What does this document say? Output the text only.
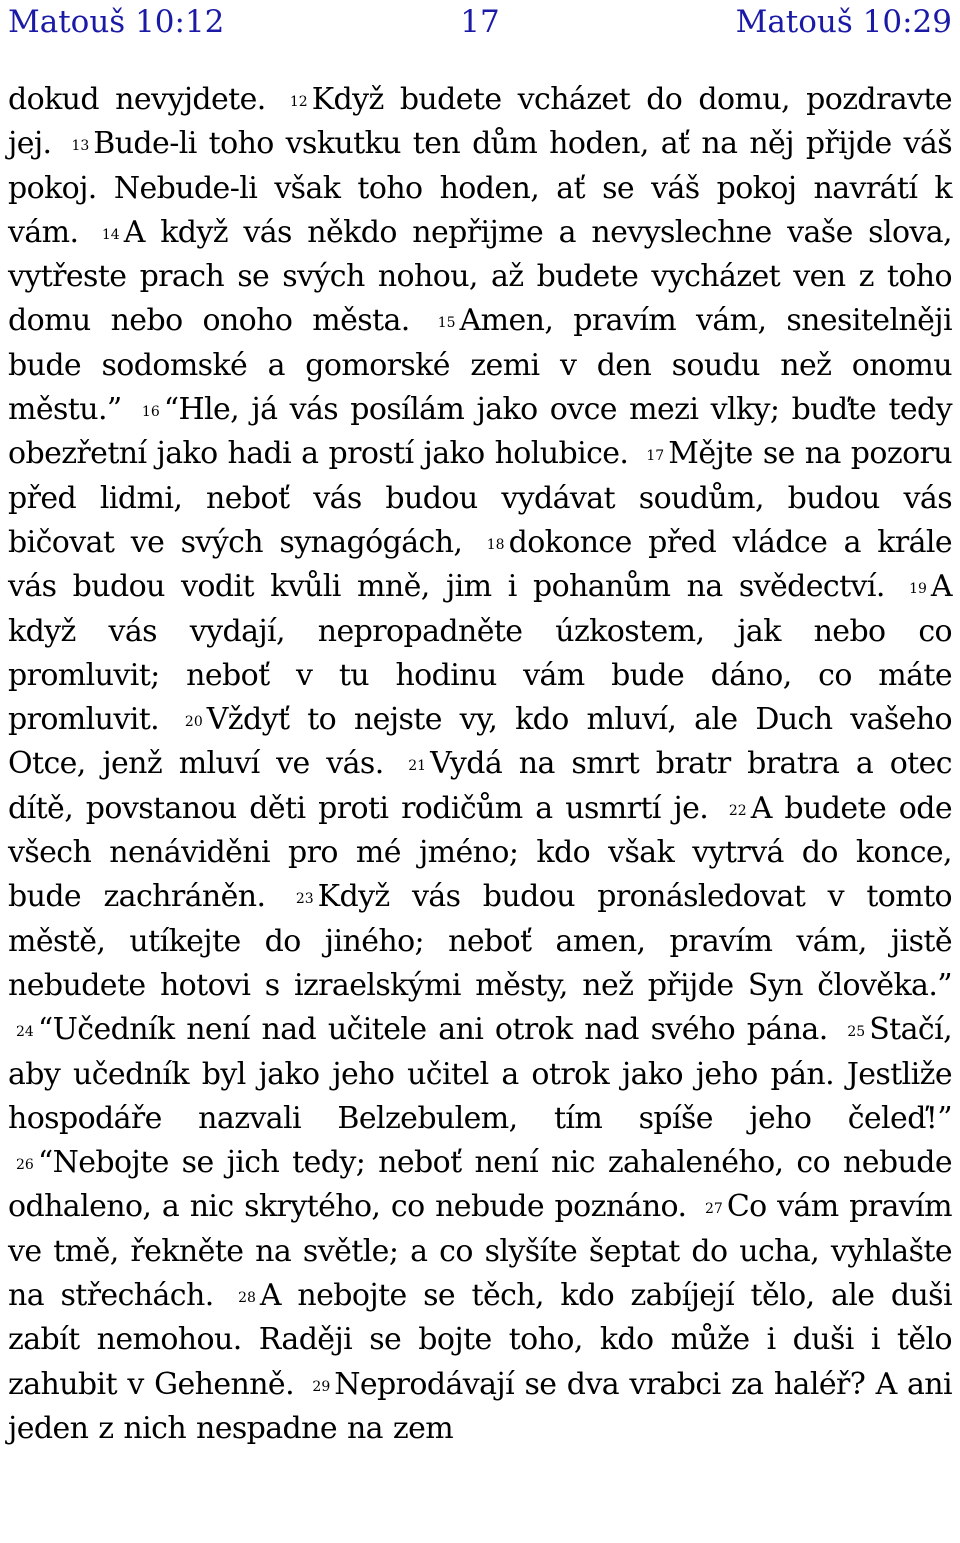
Matouš 10:12	17	Matouš 10:29
dokud nevyjdete. $^{12}$ Když budete vcházet do domu, pozdravte jej. $^{13}$ Bude-li toho vskutku ten dům hoden, ať na něj přijde váš pokoj. Nebude-li však toho hoden, ať se váš pokoj navrátí k vám. $^{14}$ A když vás někdo nepřijme a nevyslechne vaše slova, vytřeste prach se svých nohou, až budete vycházet ven z toho domu nebo onoho města. $^{15}$ Amen, pravím vám, snesitelněji bude sodomské a gomorské zemi v den soudu než onomu městu.” $^{16}$ “Hle, já vás posílám jako ovce mezi vlky; buďte tedy obezřetní jako hadi a prostí jako holubice. $^{17}$ Mějte se na pozoru před lidmi, neboť vás budou vydávat soudům, budou vás bičovat ve svých synagógách, $^{18}$ dokonce před vládce a krále vás budou vodit kvůli mně, jim i pohanům na svědectví. $^{19}$ A když vás vydají, nepropadněte úzkostem, jak nebo co promluvit; neboť v tu hodinu vám bude dáno, co máte promluvit. $^{20}$ Vždyť to nejste vy, kdo mluví, ale Duch vašeho Otce, jenž mluví ve vás. $^{21}$ Vydá na smrt bratr bratra a otec dítě, povstanou děti proti rodičům a usmrtí je. $^{22}$ A budete ode všech nenáviděni pro mé jméno; kdo však vytrvá do konce, bude zachráněn. $^{23}$ Když vás budou pronásledovat v tomto městě, utíkejte do jiného; neboť amen, pravím vám, jistě nebudete hotovi s izraelskými městy, než přijde Syn člověka.” $^{24}$ “Učedník není nad učitele ani otrok nad svého pána. $^{25}$ Stačí, aby učedník byl jako jeho učitel a otrok jako jeho pán. Jestliže hospodáře nazvali Belzebulem, tím spíše jeho čeleď!” $^{26}$ “Nebojte se jich tedy; neboť není nic zahaleného, co nebude odhaleno, a nic skrytého, co nebude poznáno. $^{27}$ Co vám pravím ve tmě, řekněte na světle; a co slyšíte šeptat do ucha, vyhlašte na střechách. $^{28}$ A nebojte se těch, kdo zabíjejí tělo, ale duši zabít nemohou. Raději se bojte toho, kdo může i duši i tělo zahubit v Gehenně. $^{29}$ Neprodávají se dva vrabci za haléř? A ani jeden z nich nespadne na zem
